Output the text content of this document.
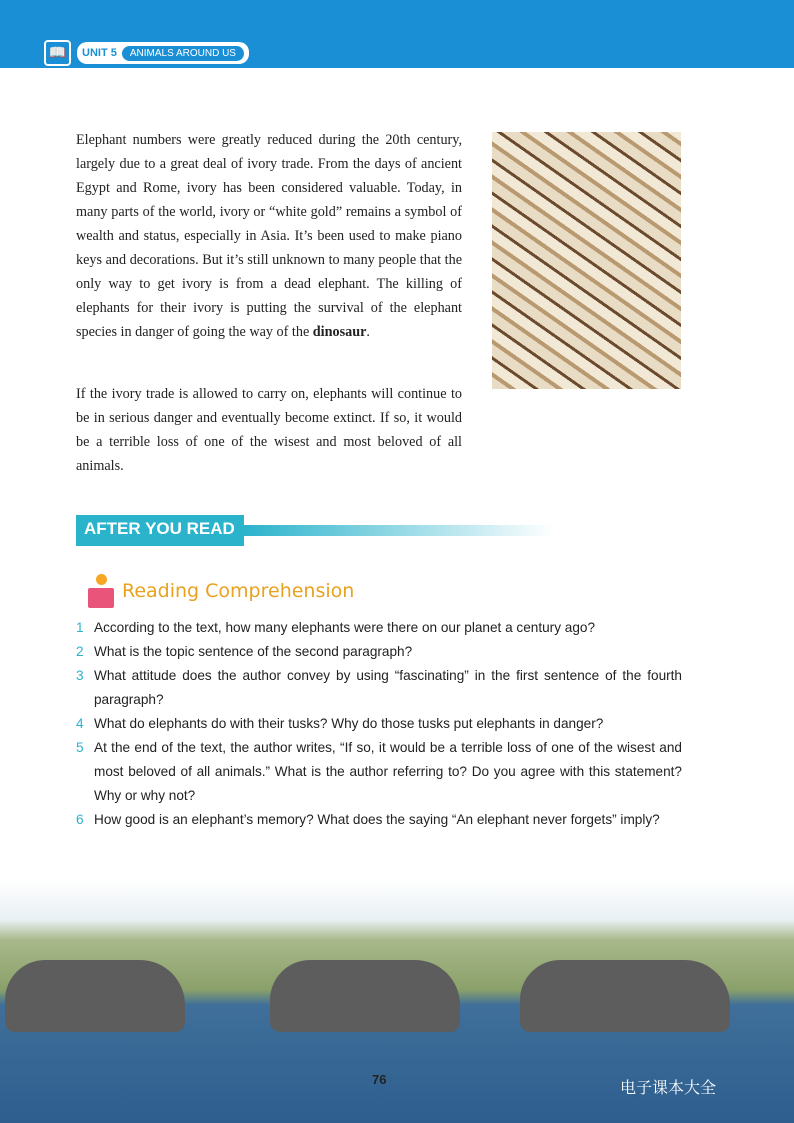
📖	UNIT 5	ANIMALS AROUND US

Elephant numbers were greatly reduced during the 20th century, largely due to a great deal of ivory trade. From the days of ancient Egypt and Rome, ivory has been considered valuable. Today, in many parts of the world, ivory or “white gold” remains a symbol of wealth and status, especially in Asia. It’s been used to make piano keys and decorations. But it’s still unknown to many people that the only way to get ivory is from a dead elephant. The killing of elephants for their ivory is putting the survival of the elephant species in danger of going the way of the dinosaur.

If the ivory trade is allowed to carry on, elephants will continue to be in serious danger and eventually become extinct. If so, it would be a terrible loss of one of the wisest and most beloved of all animals.

AFTER YOU READ
Reading Comprehension
1 According to the text, how many elephants were there on our planet a century ago?
2 What is the topic sentence of the second paragraph?
3 What attitude does the author convey by using “fascinating” in the first sentence of the fourth paragraph?
4 What do elephants do with their tusks? Why do those tusks put elephants in danger?
5 At the end of the text, the author writes, “If so, it would be a terrible loss of one of the wisest and most beloved of all animals.” What is the author referring to? Do you agree with this statement? Why or why not?
6 How good is an elephant’s memory? What does the saying “An elephant never forgets” imply?
76	电子课本大全
